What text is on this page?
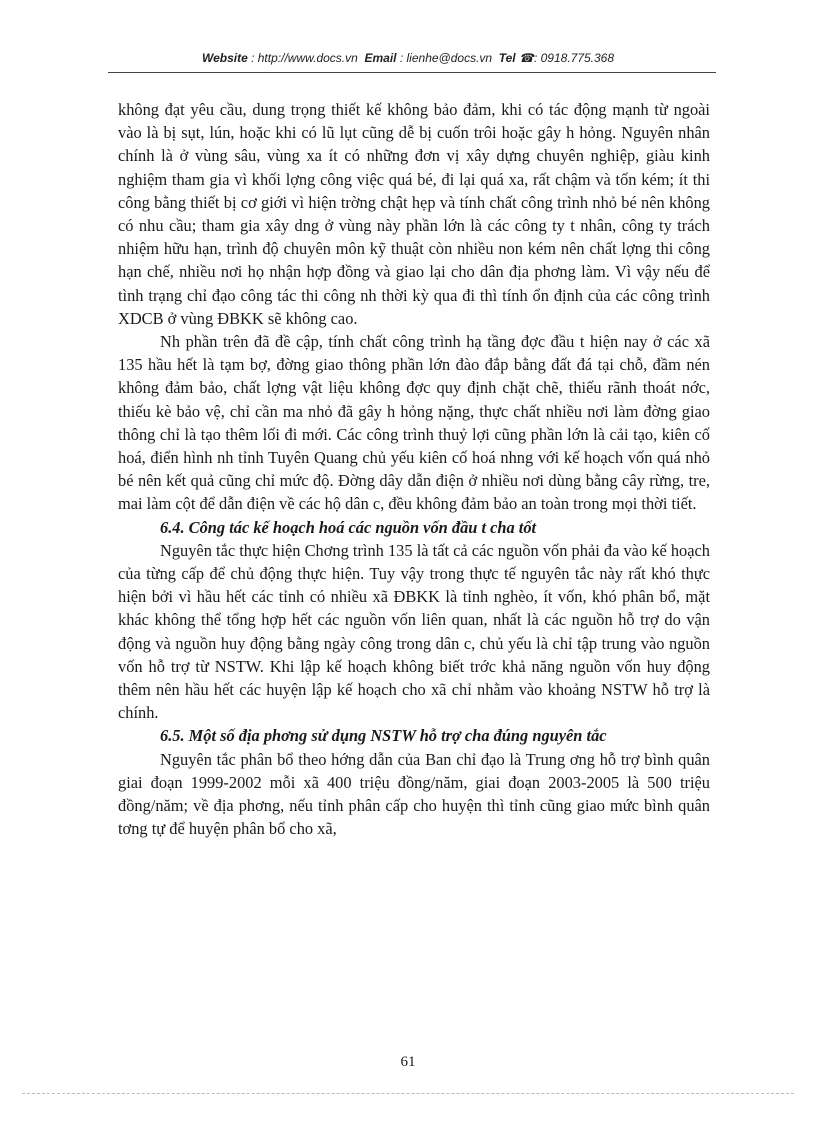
Website : http://www.docs.vn Email : lienhe@docs.vn Tel ☎: 0918.775.368

không đạt yêu cầu, dung trọng thiết kế không bảo đảm, khi có tác động mạnh từ ngoài vào là bị sụt, lún, hoặc khi có lũ lụt cũng dễ bị cuốn trôi hoặc gây h hỏng. Nguyên nhân chính là ở vùng sâu, vùng xa ít có những đơn vị xây dựng chuyên nghiệp, giàu kinh nghiệm tham gia vì khối lợng công việc quá bé, đi lại quá xa, rất chậm và tốn kém; ít thi công bằng thiết bị cơ giới vì hiện trờng chật hẹp và tính chất công trình nhỏ bé nên không có nhu cầu; tham gia xây dng ở vùng này phần lớn là các công ty t nhân, công ty trách nhiệm hữu hạn, trình độ chuyên môn kỹ thuật còn nhiều non kém nên chất lợng thi công hạn chế, nhiều nơi họ nhận hợp đồng và giao lại cho dân địa phơng làm. Vì vậy nếu để tình trạng chỉ đạo công tác thi công nh thời kỳ qua đi thì tính ổn định của các công trình XDCB ở vùng ĐBKK sẽ không cao.

Nh phần trên đã đề cập, tính chất công trình hạ tầng đợc đầu t hiện nay ở các xã 135 hầu hết là tạm bợ, đờng giao thông phần lớn đào đắp bằng đất đá tại chỗ, đầm nén không đảm bảo, chất lợng vật liệu không đợc quy định chặt chẽ, thiếu rãnh thoát nớc, thiếu kè bảo vệ, chỉ cần ma nhỏ đã gây h hỏng nặng, thực chất nhiều nơi làm đờng giao thông chỉ là tạo thêm lối đi mới. Các công trình thuỷ lợi cũng phần lớn là cải tạo, kiên cố hoá, điển hình nh tỉnh Tuyên Quang chủ yếu kiên cố hoá nhng với kế hoạch vốn quá nhỏ bé nên kết quả cũng chỉ mức độ. Đờng dây dẫn điện ở nhiều nơi dùng bằng cây rừng, tre, mai làm cột để dẫn điện về các hộ dân c, đều không đảm bảo an toàn trong mọi thời tiết.

6.4. Công tác kế hoạch hoá các nguồn vốn đầu t cha tốt

Nguyên tắc thực hiện Chơng trình 135 là tất cả các nguồn vốn phải đa vào kế hoạch của từng cấp để chủ động thực hiện. Tuy vậy trong thực tế nguyên tắc này rất khó thực hiện bởi vì hầu hết các tỉnh có nhiều xã ĐBKK là tỉnh nghèo, ít vốn, khó phân bổ, mặt khác không thể tổng hợp hết các nguồn vốn liên quan, nhất là các nguồn hỗ trợ do vận động và nguồn huy động bằng ngày công trong dân c, chủ yếu là chỉ tập trung vào nguồn vốn hỗ trợ từ NSTW. Khi lập kế hoạch không biết trớc khả năng nguồn vốn huy động thêm nên hầu hết các huyện lập kế hoạch cho xã chỉ nhằm vào khoảng NSTW hỗ trợ là chính.

6.5. Một số địa phơng sử dụng NSTW hỗ trợ cha đúng nguyên tắc

Nguyên tắc phân bổ theo hớng dẫn của Ban chỉ đạo là Trung ơng hỗ trợ bình quân giai đoạn 1999-2002 mỗi xã 400 triệu đồng/năm, giai đoạn 2003-2005 là 500 triệu đồng/năm; về địa phơng, nếu tỉnh phân cấp cho huyện thì tỉnh cũng giao mức bình quân tơng tự để huyện phân bổ cho xã,

61
